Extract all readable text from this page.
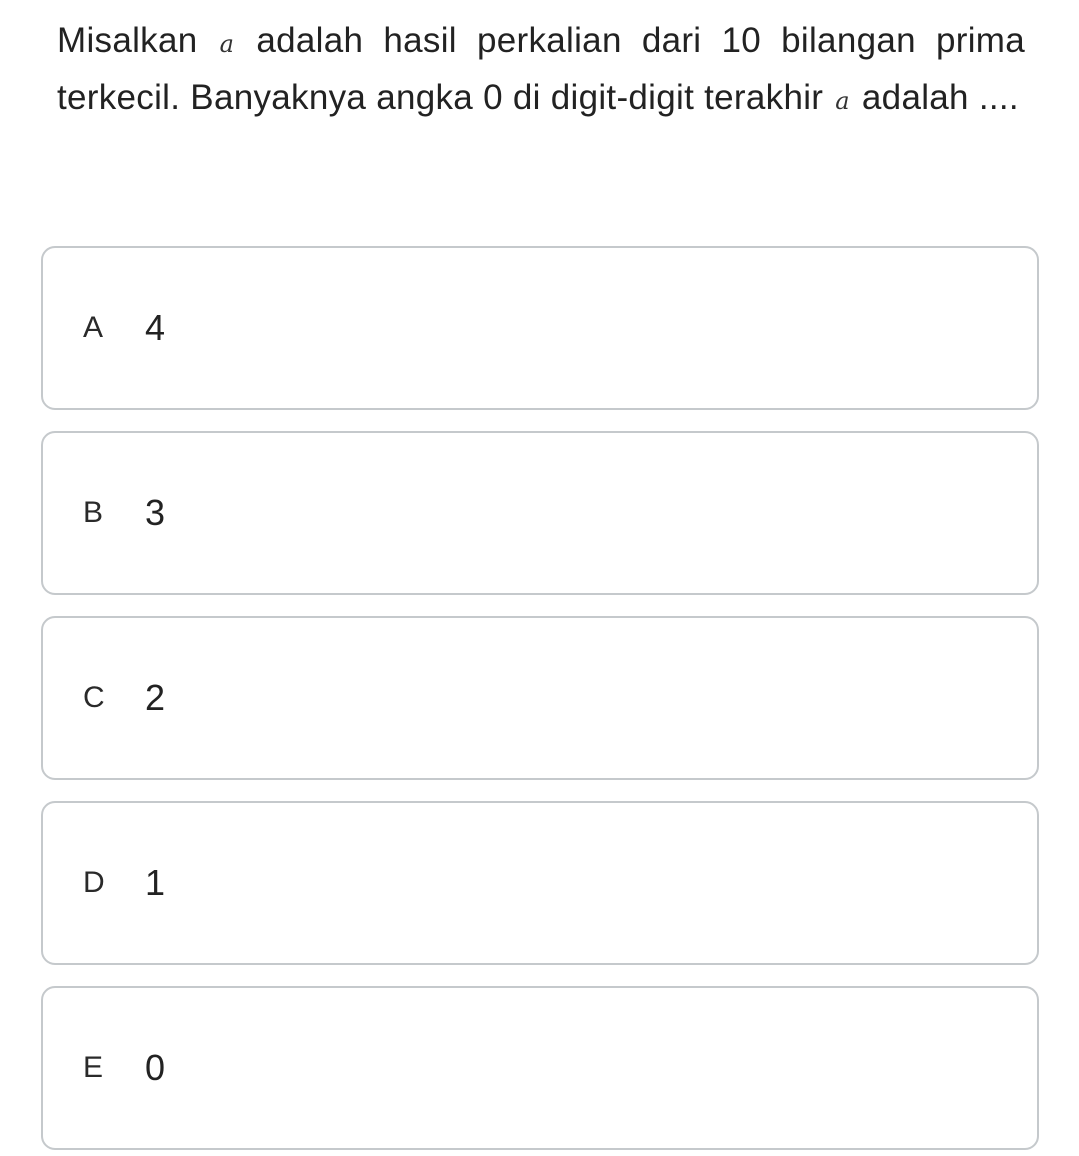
Misalkan a adalah hasil perkalian dari 10 bilangan prima terkecil. Banyaknya angka 0 di digit-digit terakhir a adalah ....

A	4
B	3
C	2
D	1
E	0
